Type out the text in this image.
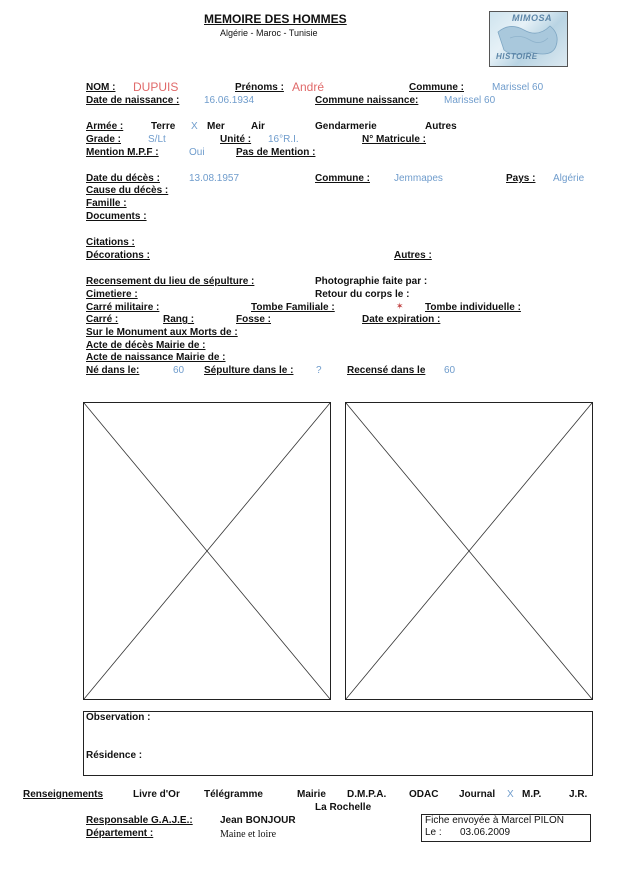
MEMOIRE DES HOMMES
Algérie - Maroc - Tunisie
MIMOSA
HISTOIRE
NOM : DUPUIS	Prénoms : André	Commune :	Marissel 60
Date de naissance : 16.06.1934	Commune naissance:	Marissel 60
Armée :	Terre X Mer	Air	Gendarmerie	Autres
Grade :	S/Lt	Unité : 16°R.I.	N° Matricule :
Mention M.P.F :	Oui	Pas de Mention :
Date du décès :	13.08.1957	Commune : Jemmapes	Pays : Algérie
Cause du décès :
Famille :
Documents :
Citations :
Décorations :	Autres :
Recensement du lieu de sépulture :	Photographie faite par :
Cimetiere :	Retour du corps le :
Carré militaire :	Tombe Familiale :	✶ Tombe individuelle :
Carré :	Rang :	Fosse :	Date expiration :
Sur le Monument aux Morts de :
Acte de décès Mairie de :
Acte de naissance Mairie de :
Né dans le:	60 Sépulture dans le : ?	Recensé dans le 60
Observation :
Résidence :
Renseignements	Livre d'Or Télégramme	Mairie D.M.P.A. ODAC Journal X M.P.	J.R.
La Rochelle
Responsable G.A.J.E.:	Jean BONJOUR
Département :	Maine et loire
Fiche envoyée à Marcel PILON
Le : 03.06.2009
